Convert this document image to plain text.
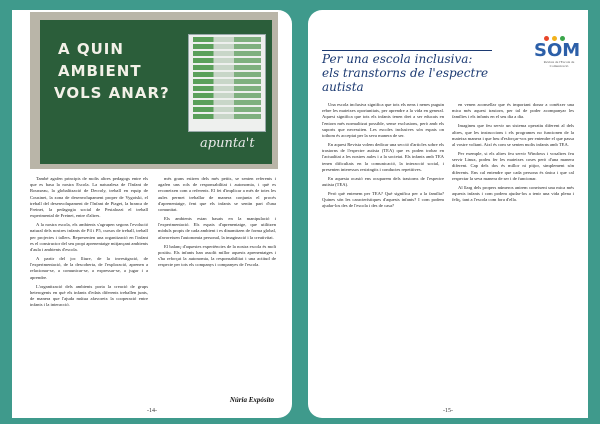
A QUIN
AMBIENT
VOLS ANAR?
apunta't

També agafen principis de molts altres pedagogs entre els que es basa la nostra Escola. La naturalesa de l'Infant de Rousseau, la globalització de Decroly, treball en equip de Cousinet, la zona de desenvolupament proper de Vygotski, el treball del desenvolupament de l'Infant de Piaget, la branca de Freinet, la pedagogia social de Pestalozzi el treball experimental de Freinet, entre d'altres.

A la nostra escola, els ambients s'agrupen segons l'evolució natural dels nostres infants de P4 i P5, cursos de treball, treball per projectes i tallers. Representen una organització en l'infant es el constructor del seu propi aprenentatge mitjançant ambients d'aula i ambients d'escola.

A partir del joc lliure, de la investigació, de l'experimentació, de la descoberta, de l'exploració, aprenen a relacionar-se, a comunicar-se, a expressar-se, a jugar i a aprendre.

L'organització dels ambients porta la creació de grups heterogenis en què els infants d'edats diferents treballen junts, de manera que l'ajuda mútua afavoreix la cooperació entre infants i la interacció.

més grans estiren dels més petits, se senten referents i agafen uns rols de responsabilitat i autonomia, i què es reconeixen com a referents. El fet d'implicar a més de totes les aules permet treballar de manera conjunta el procés d'aprenentatge, fent que els infants se sentin part d'una comunitat.

Els ambients estan basats en la manipulació i l'experimentació. Els espais d'aprenentatge, que utilitzen mòduls propis de cada ambient i es dinamitzen de forma global, afavoreixen l'autonomia personal, la imaginació i la creativitat.

El balanç d'aquestes experiències de la nostra escola és molt positiu. Els infants han assolit millor aquests aprenentatges i s'ha reforçat la autonomia, la responsabilitat i una actitud de respecte per tots els companys i companyes de l'escola.

Núria Expósito
-14-
Per una escola inclusiva:
els transtorns de l'espectre
autista
SOM
Revista de l'Escola de Comunicació

Una escola inclusiva significa que tots els nens i nenes puguin rebre les mateixes oportunitats, per aprendre a la vida en general. Aquest significa que tots els infants tenen dret a ser educats en l'entorn més normalitzat possible, sense exclusions, però amb els suports que necessiten. Les escoles inclusives són espais on tothom és acceptat per la seva manera de ser.

En aquest Revista volem dedicar una secció d'articles sobre els trastorns de l'espectre autista (TEA) que es poden trobar en l'actualitat a les nostres aules i a la societat. Els infants amb TEA tenen dificultats en la comunicació, la interacció social, i presenten interessos restringits i conductes repetitives.

En aquesta ocasió ens ocuparem dels trastorns de l'espectre autista (TEA).

Però què entenem per TEA? Què significa per a la família? Quines són les característiques d'aquests infants? I com podem ajudar-los des de l'escola i des de casa?

en venen aconsellar que és important donar a conèixer una mica més aquest trastorn, per tal de poder acompanyar les famílies i els infants en el seu dia a dia.

Imagineu que feu servir un sistema operatiu diferent al dels altres, que les instruccions i els programes no funcionen de la mateixa manera i que heu d'esforçar-vos per entendre el que passa al vostre voltant. Així és com se senten molts infants amb TEA.

Per exemple, si els altres feu servir Windows i vosaltres feu servir Linux, podeu fer les mateixes coses però d'una manera diferent. Cap dels dos és millor ni pitjor, simplement són diferents. Ens cal entendre que cada persona és única i que cal respectar la seva manera de ser i de funcionar.

Al llarg dels propers números anirem coneixent una mica més aquests infants i com podem ajudar-los a tenir una vida plena i feliç, tant a l'escola com fora d'ella.

-15-
